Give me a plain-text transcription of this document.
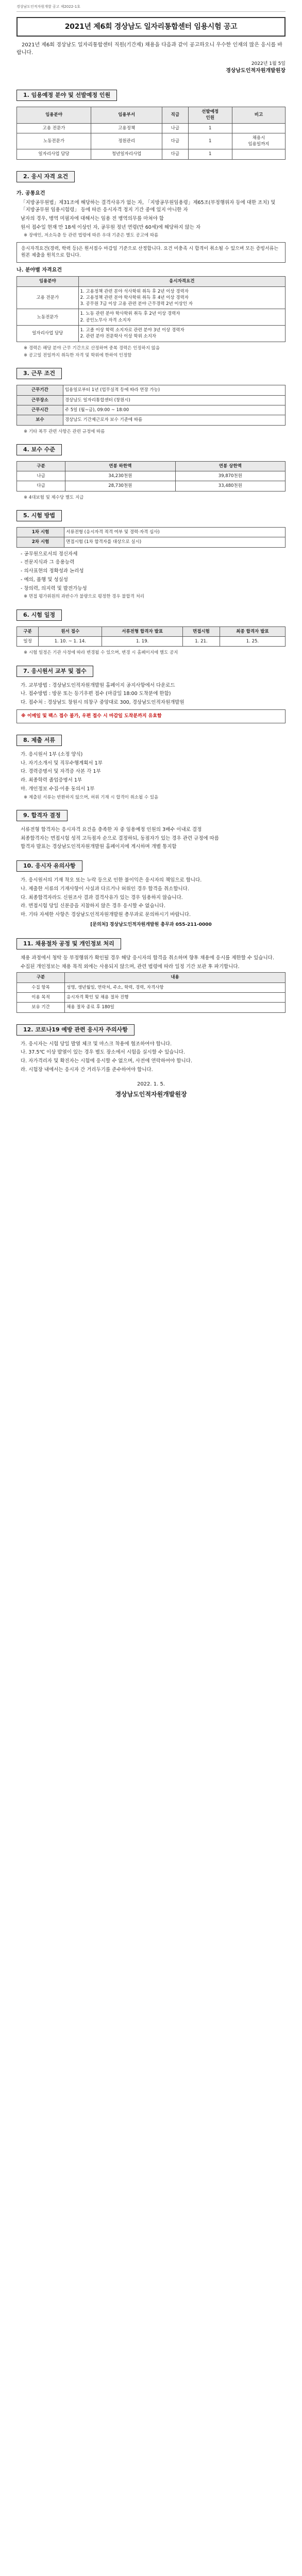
경상남도인적자원개발 공고 제2022-1호
2021년 제6회 경상남도 일자리통합센터 임용시험 공고

2021년 제6회 경상남도 일자리통합센터 직원(기간제) 채용을 다음과 같이 공고하오니 우수한 인재의 많은 응시를 바랍니다.

2022년 1월 5일
경상남도인적자원개발원장
1. 임용예정 분야 및 선발예정 인원
임용분야	임용부서	직급	선발예정
인원	비고
고용 전문가	고용정책	나급	1	
노동전문가	정원관리	다급	1	채용시
임용일까지
일자리사업 담당	청년일자리사업	다급	1	
2. 응시 자격 요건
가. 공통요건

「지방공무원법」제31조에 해당하는 결격사유가 없는 자, 「지방공무원임용령」제65조(부정행위자 등에 대한 조치) 및 「지방공무원 임용시험령」 등에 따른 응시자격 정지 기간 중에 있지 아니한 자

남자의 경우, 병역 미필자에 대해서는 임용 전 병역의무를 마쳐야 함

원서 접수일 현재 만 18세 이상인 자, 공무원 정년 연령(만 60세)에 해당하지 않는 자

※ 장애인, 저소득층 등 관련 법령에 따른 우대 기준은 별도 공고에 따름

응시자격요건(경력, 학력 등)은 원서접수 마감일 기준으로 산정합니다. 요건 미충족 시 합격이 취소될 수 있으며 모든 증빙서류는 원본 제출을 원칙으로 합니다.
나. 분야별 자격요건
임용분야	응시자격요건
고용 전문가	1. 고용정책 관련 분야 석사학위 취득 후 2년 이상 경력자
2. 고용정책 관련 분야 학사학위 취득 후 4년 이상 경력자
3. 공무원 7급 이상 고용 관련 분야 근무경력 2년 이상인 자
노동전문가	1. 노동 관련 분야 학사학위 취득 후 2년 이상 경력자
2. 공인노무사 자격 소지자
일자리사업 담당	1. 고졸 이상 학력 소지자로 관련 분야 3년 이상 경력자
2. 관련 분야 전문학사 이상 학위 소지자

※ 경력은 해당 분야 근무 기간으로 산정하며 중복 경력은 인정하지 않음

※ 공고일 전일까지 취득한 자격 및 학위에 한하여 인정함

3. 근무 조건
근무기간	임용일로부터 1년 (업무실적 등에 따라 연장 가능)
근무장소	경상남도 일자리통합센터 (창원시)
근무시간	주 5일 (월~금), 09:00 ~ 18:00
보수	경상남도 기간제근로자 보수 기준에 따름

※ 기타 복무 관련 사항은 관련 규정에 따름

4. 보수 수준
구분	연봉 하한액	연봉 상한액
나급	34,230천원	39,870천원
다급	28,730천원	33,480천원

※ 4대보험 및 제수당 별도 지급

5. 시험 방법
1차 시험	서류전형 (응시자격 적격 여부 및 경력·자격 심사)
2차 시험	면접시험 (1차 합격자를 대상으로 실시)

- 공무원으로서의 정신자세

- 전문지식과 그 응용능력

- 의사표현의 정확성과 논리성

- 예의, 품행 및 성실성

- 창의력, 의지력 및 발전가능성

※ 면접 평가위원의 과반수가 불량으로 평정한 경우 불합격 처리

6. 시험 일정
구분	원서 접수	서류전형 합격자 발표	면접시험	최종 합격자 발표
일정	1. 10. ~ 1. 14.	1. 19.	1. 21.	1. 25.

※ 시험 일정은 기관 사정에 따라 변경될 수 있으며, 변경 시 홈페이지에 별도 공지

7. 응시원서 교부 및 접수

가. 교부방법 : 경상남도인적자원개발원 홈페이지 공지사항에서 다운로드

나. 접수방법 : 방문 또는 등기우편 접수 (마감일 18:00 도착분에 한함)

다. 접수처 : 경상남도 창원시 의창구 중앙대로 300, 경상남도인적자원개발원

※ 이메일 및 팩스 접수 불가, 우편 접수 시 마감일 도착분까지 유효함
8. 제출 서류

가. 응시원서 1부 (소정 양식)

나. 자기소개서 및 직무수행계획서 1부

다. 경력증명서 및 자격증 사본 각 1부

라. 최종학력 졸업증명서 1부

마. 개인정보 수집·이용 동의서 1부

※ 제출된 서류는 반환하지 않으며, 허위 기재 시 합격이 취소될 수 있음

9. 합격자 결정

서류전형 합격자는 응시자격 요건을 충족한 자 중 임용예정 인원의 3배수 이내로 결정

최종합격자는 면접시험 성적 고득점자 순으로 결정하되, 동점자가 있는 경우 관련 규정에 따름

합격자 발표는 경상남도인적자원개발원 홈페이지에 게시하며 개별 통지함

10. 응시자 유의사항

가. 응시원서의 기재 착오 또는 누락 등으로 인한 불이익은 응시자의 책임으로 합니다.

나. 제출한 서류의 기재사항이 사실과 다르거나 허위인 경우 합격을 취소합니다.

다. 최종합격자라도 신원조사 결과 결격사유가 있는 경우 임용하지 않습니다.

라. 면접시험 당일 신분증을 지참하지 않은 경우 응시할 수 없습니다.

마. 기타 자세한 사항은 경상남도인적자원개발원 총무과로 문의하시기 바랍니다.

[문의처] 경상남도인적자원개발원 총무과 055-211-0000
11. 채용절차 공정 및 개인정보 처리

채용 과정에서 청탁 등 부정행위가 확인될 경우 해당 응시자의 합격을 취소하며 향후 채용에 응시를 제한할 수 있습니다.

수집된 개인정보는 채용 목적 외에는 사용되지 않으며, 관련 법령에 따라 일정 기간 보관 후 파기합니다.

구분	내용
수집 항목	성명, 생년월일, 연락처, 주소, 학력, 경력, 자격사항
이용 목적	응시자격 확인 및 채용 절차 진행
보유 기간	채용 절차 종료 후 180일
12. 코로나19 예방 관련 응시자 주의사항

가. 응시자는 시험 당일 발열 체크 및 마스크 착용에 협조하여야 합니다.

나. 37.5℃ 이상 발열이 있는 경우 별도 장소에서 시험을 실시할 수 있습니다.

다. 자가격리자 및 확진자는 시험에 응시할 수 없으며, 사전에 연락하여야 합니다.

라. 시험장 내에서는 응시자 간 거리두기를 준수하여야 합니다.

2022. 1. 5.
경상남도인적자원개발원장
